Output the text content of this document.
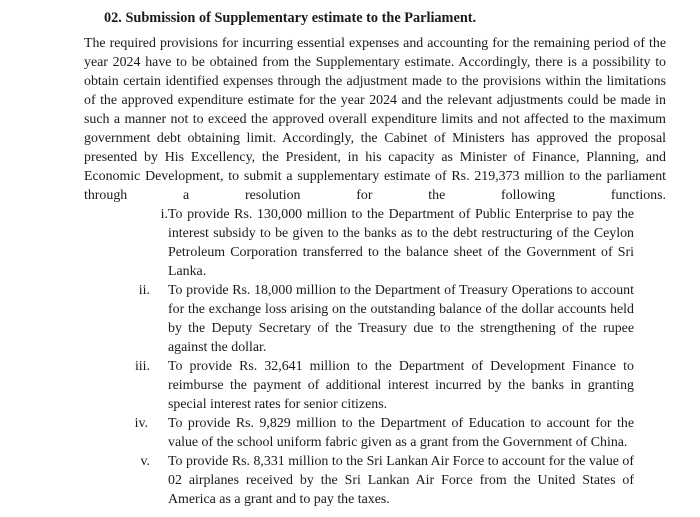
02. Submission of Supplementary estimate to the Parliament.

The required provisions for incurring essential expenses and accounting for the remaining period of the year 2024 have to be obtained from the Supplementary estimate. Accordingly, there is a possibility to obtain certain identified expenses through the adjustment made to the provisions within the limitations of the approved expenditure estimate for the year 2024 and the relevant adjustments could be made in such a manner not to exceed the approved overall expenditure limits and not affected to the maximum government debt obtaining limit. Accordingly, the Cabinet of Ministers has approved the proposal presented by His Excellency, the President, in his capacity as Minister of Finance, Planning, and Economic Development, to submit a supplementary estimate of Rs. 219,373 million to the parliament through a resolution for the following functions.

i. To provide Rs. 130,000 million to the Department of Public Enterprise to pay the interest subsidy to be given to the banks as to the debt restructuring of the Ceylon Petroleum Corporation transferred to the balance sheet of the Government of Sri Lanka.
ii. To provide Rs. 18,000 million to the Department of Treasury Operations to account for the exchange loss arising on the outstanding balance of the dollar accounts held by the Deputy Secretary of the Treasury due to the strengthening of the rupee against the dollar.
iii. To provide Rs. 32,641 million to the Department of Development Finance to reimburse the payment of additional interest incurred by the banks in granting special interest rates for senior citizens.
iv. To provide Rs. 9,829 million to the Department of Education to account for the value of the school uniform fabric given as a grant from the Government of China.
v. To provide Rs. 8,331 million to the Sri Lankan Air Force to account for the value of 02 airplanes received by the Sri Lankan Air Force from the United States of America as a grant and to pay the taxes.
